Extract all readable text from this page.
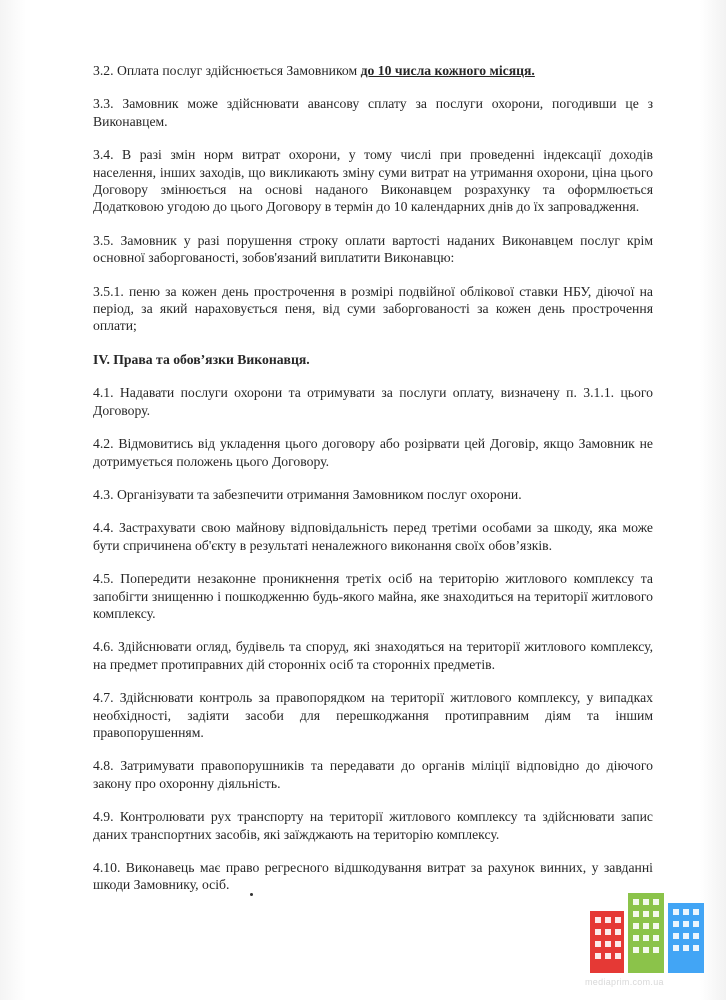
3.2. Оплата послуг здійснюється Замовником до 10 числа кожного місяця.

3.3. Замовник може здійснювати авансову сплату за послуги охорони, погодивши це з Виконавцем.

3.4. В разі змін норм витрат охорони, у тому числі при проведенні індексації доходів населення, інших заходів, що викликають зміну суми витрат на утримання охорони, ціна цього Договору змінюється на основі наданого Виконавцем розрахунку та оформлюється Додатковою угодою до цього Договору в термін до 10 календарних днів до їх запровадження.

3.5. Замовник у разі порушення строку оплати вартості наданих Виконавцем послуг крім основної заборгованості, зобов'язаний виплатити Виконавцю:

3.5.1. пеню за кожен день прострочення в розмірі подвійної облікової ставки НБУ, діючої на період, за який нараховується пеня, від суми заборгованості за кожен день прострочення оплати;

IV. Права та обов’язки Виконавця.

4.1. Надавати послуги охорони та отримувати за послуги оплату, визначену п. 3.1.1. цього Договору.

4.2. Відмовитись від укладення цього договору або розірвати цей Договір, якщо Замовник не дотримується положень цього Договору.

4.3. Організувати та забезпечити отримання Замовником послуг охорони.

4.4. Застрахувати свою майнову відповідальність перед третіми особами за шкоду, яка може бути спричинена об'єкту в результаті неналежного виконання своїх обов’язків.

4.5. Попередити незаконне проникнення третіх осіб на територію житлового комплексу та запобігти знищенню і пошкодженню будь-якого майна, яке знаходиться на території житлового комплексу.

4.6. Здійснювати огляд, будівель та споруд, які знаходяться на території житлового комплексу, на предмет протиправних дій сторонніх осіб та сторонніх предметів.

4.7. Здійснювати контроль за правопорядком на території житлового комплексу, у випадках необхідності, задіяти засоби для перешкоджання протиправним діям та іншим правопорушенням.

4.8. Затримувати правопорушників та передавати до органів міліції відповідно до діючого закону про охоронну діяльність.

4.9. Контролювати рух транспорту на території житлового комплексу та здійснювати запис даних транспортних засобів, які заїжджають на територію комплексу.

4.10. Виконавець має право регресного відшкодування витрат за рахунок винних, у завданні шкоди Замовнику, осіб.

mediaprim.com.ua
